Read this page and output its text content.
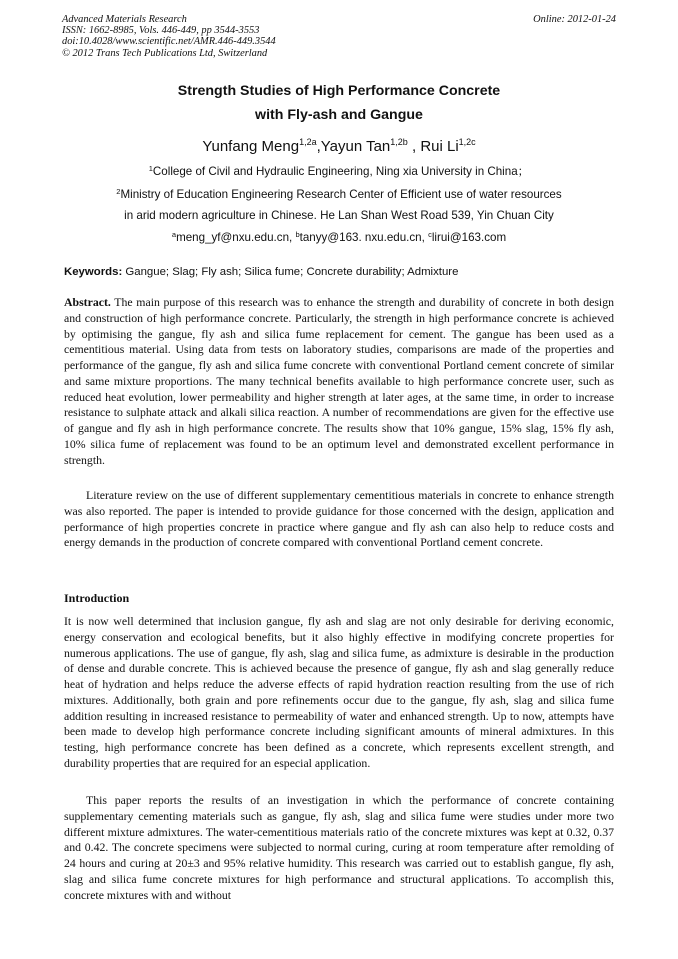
Advanced Materials Research
ISSN: 1662-8985, Vols. 446-449, pp 3544-3553
doi:10.4028/www.scientific.net/AMR.446-449.3544
© 2012 Trans Tech Publications Ltd, Switzerland
Online: 2012-01-24
Strength Studies of High Performance Concrete
with Fly-ash and Gangue
Yunfang Meng$^{1,2a}$,Yayun Tan$^{1,2b}$ , Rui $Li^{1,2c}$
$^1$College of Civil and Hydraulic Engineering, Ning xia University in China；
$^2$Ministry of Education Engineering Research Center of Efficient use of water resources
in arid modern agriculture in Chinese. He Lan Shan West Road 539, Yin Chuan City
$^a$meng_yf@nxu.edu.cn, $^b$tanyy@163. nxu.edu.cn, $^c$lirui@163.com
Keywords: Gangue; Slag; Fly ash; Silica fume; Concrete durability; Admixture
Abstract. The main purpose of this research was to enhance the strength and durability of concrete in both design and construction of high performance concrete. Particularly, the strength in high performance concrete is achieved by optimising the gangue, fly ash and silica fume replacement for cement. The gangue has been used as a cementitious material. Using data from tests on laboratory studies, comparisons are made of the properties and performance of the gangue, fly ash and silica fume concrete with conventional Portland cement concrete of similar and same mixture proportions. The many technical benefits available to high performance concrete user, such as reduced heat evolution, lower permeability and higher strength at later ages, at the same time, in order to increase resistance to sulphate attack and alkali silica reaction. A number of recommendations are given for the effective use of gangue and fly ash in high performance concrete. The results show that 10% gangue, 15% slag, 15% fly ash, 10% silica fume of replacement was found to be an optimum level and demonstrated excellent performance in strength.
Literature review on the use of different supplementary cementitious materials in concrete to enhance strength was also reported. The paper is intended to provide guidance for those concerned with the design, application and performance of high properties concrete in practice where gangue and fly ash can also help to reduce costs and energy demands in the production of concrete compared with conventional Portland cement concrete.
Introduction
It is now well determined that inclusion gangue, fly ash and slag are not only desirable for deriving economic, energy conservation and ecological benefits, but it also highly effective in modifying concrete properties for numerous applications. The use of gangue, fly ash, slag and silica fume, as admixture is desirable in the production of dense and durable concrete. This is achieved because the presence of gangue, fly ash and slag generally reduce heat of hydration and helps reduce the adverse effects of rapid hydration reaction resulting from the use of rich mixtures. Additionally, both grain and pore refinements occur due to the gangue, fly ash, slag and silica fume addition resulting in increased resistance to permeability of water and enhanced strength. Up to now, attempts have been made to develop high performance concrete including significant amounts of mineral admixtures. In this testing, high performance concrete has been defined as a concrete, which represents excellent strength, and durability properties that are required for an especial application.
This paper reports the results of an investigation in which the performance of concrete containing supplementary cementing materials such as gangue, fly ash, slag and silica fume were studies under more two different mixture admixtures. The water-cementitious materials ratio of the concrete mixtures was kept at 0.32, 0.37 and 0.42. The concrete specimens were subjected to normal curing, curing at room temperature after remolding of 24 hours and curing at 20±3 and 95% relative humidity. This research was carried out to establish gangue, fly ash, slag and silica fume concrete mixtures for high performance and structural applications. To accomplish this, concrete mixtures with and without
